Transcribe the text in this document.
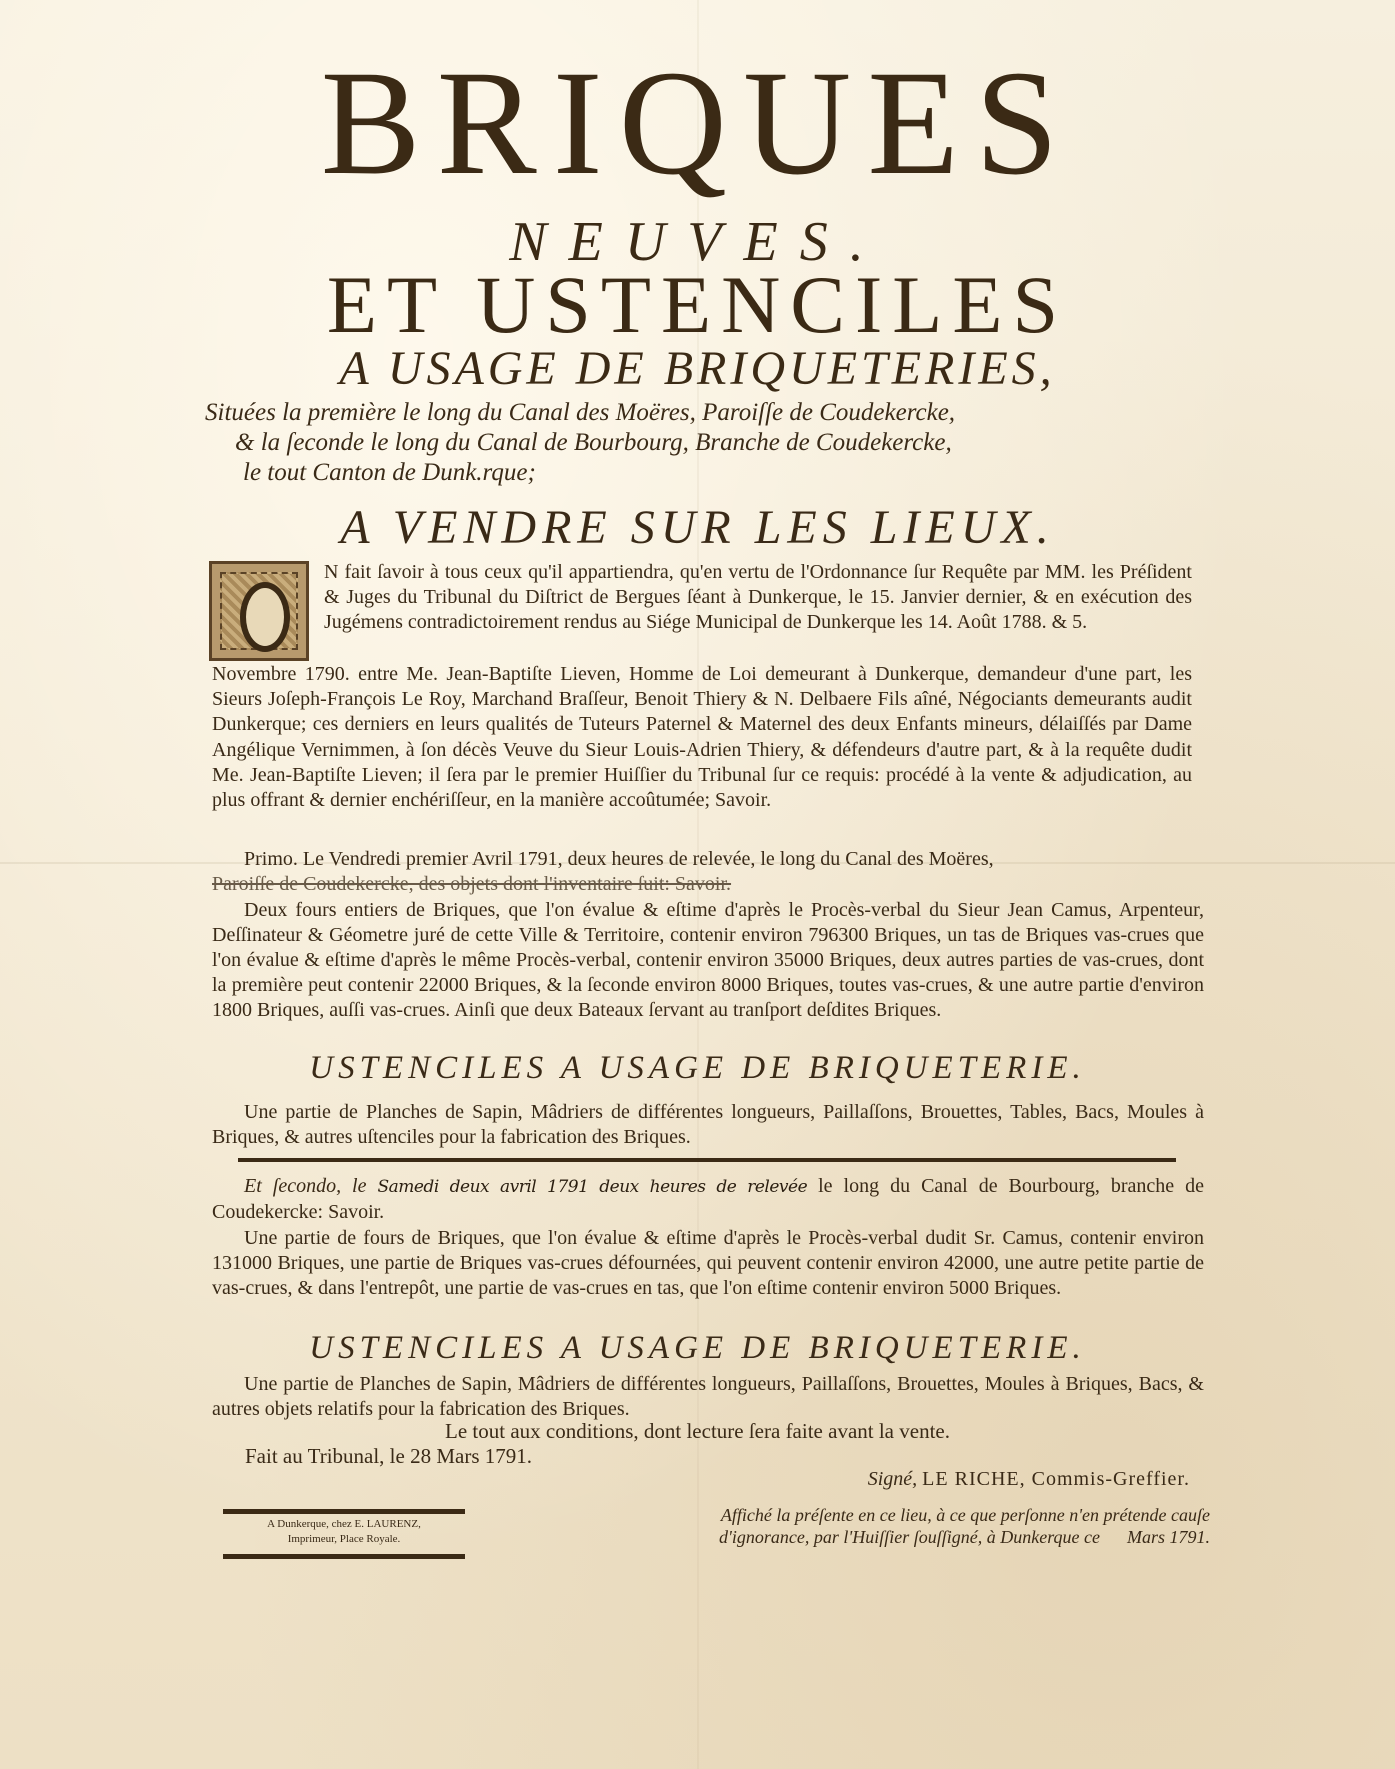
BRIQUES
NEUVES.
ET USTENCILES
A USAGE DE BRIQUETERIES,
Situées la première le long du Canal des Moëres, Paroiſſe de Coudekercke,
& la ſeconde le long du Canal de Bourbourg, Branche de Coudekercke,
le tout Canton de Dunk.rque;
A VENDRE SUR LES LIEUX.
N fait ſavoir à tous ceux qu'il appartiendra, qu'en vertu de l'Ordonnance ſur Requête par MM. les Préſident & Juges du Tribunal du Diſtrict de Bergues ſéant à Dunkerque, le 15. Janvier dernier, & en exécution des Jugémens contradictoirement rendus au Siége Municipal de Dunkerque les 14. Août 1788. & 5.
Novembre 1790. entre Me. Jean-Baptiſte Lieven, Homme de Loi demeurant à Dunkerque, demandeur d'une part, les Sieurs Joſeph-François Le Roy, Marchand Braſſeur, Benoit Thiery & N. Delbaere Fils aîné, Négociants demeurants audit Dunkerque; ces derniers en leurs qualités de Tuteurs Paternel & Maternel des deux Enfants mineurs, délaiſſés par Dame Angélique Vernimmen, à ſon décès Veuve du Sieur Louis-Adrien Thiery, & défendeurs d'autre part, & à la requête dudit Me. Jean-Baptiſte Lieven; il ſera par le premier Huiſſier du Tribunal ſur ce requis: procédé à la vente & adjudication, au plus offrant & dernier enchériſſeur, en la manière accoûtumée; Savoir.
Primo. Le Vendredi premier Avril 1791, deux heures de relevée, le long du Canal des Moëres,
Paroiſſe de Coudekercke, des objets dont l'inventaire ſuit: Savoir.
Deux fours entiers de Briques, que l'on évalue & eſtime d'après le Procès-verbal du Sieur Jean Camus, Arpenteur, Deſſinateur & Géometre juré de cette Ville & Territoire, contenir environ 796300 Briques, un tas de Briques vas-crues que l'on évalue & eſtime d'après le même Procès-verbal, contenir environ 35000 Briques, deux autres parties de vas-crues, dont la première peut contenir 22000 Briques, & la ſeconde environ 8000 Briques, toutes vas-crues, & une autre partie d'environ 1800 Briques, auſſi vas-crues. Ainſi que deux Bateaux ſervant au tranſport deſdites Briques.
USTENCILES A USAGE DE BRIQUETERIE.
Une partie de Planches de Sapin, Mâdriers de différentes longueurs, Paillaſſons, Brouettes, Tables, Bacs, Moules à Briques, & autres uſtenciles pour la fabrication des Briques.
Et ſecondo, le Samedi deux avril 1791 deux heures de relevée le long du Canal de Bourbourg, branche de Coudekercke: Savoir.
Une partie de fours de Briques, que l'on évalue & eſtime d'après le Procès-verbal dudit Sr. Camus, contenir environ 131000 Briques, une partie de Briques vas-crues défournées, qui peuvent contenir environ 42000, une autre petite partie de vas-crues, & dans l'entrepôt, une partie de vas-crues en tas, que l'on eſtime contenir environ 5000 Briques.
USTENCILES A USAGE DE BRIQUETERIE.
Une partie de Planches de Sapin, Mâdriers de différentes longueurs, Paillaſſons, Brouettes, Moules à Briques, Bacs, & autres objets relatifs pour la fabrication des Briques.
Le tout aux conditions, dont lecture ſera faite avant la vente.
Fait au Tribunal, le 28 Mars 1791.
Signé, LE RICHE, Commis-Greffier.
A Dunkerque, chez E. LAURENZ,
Imprimeur, Place Royale.
Affiché la préſente en ce lieu, à ce que perſonne n'en prétende cauſe
d'ignorance, par l'Huiſſier ſouſſigné, à Dunkerque ce      Mars 1791.
